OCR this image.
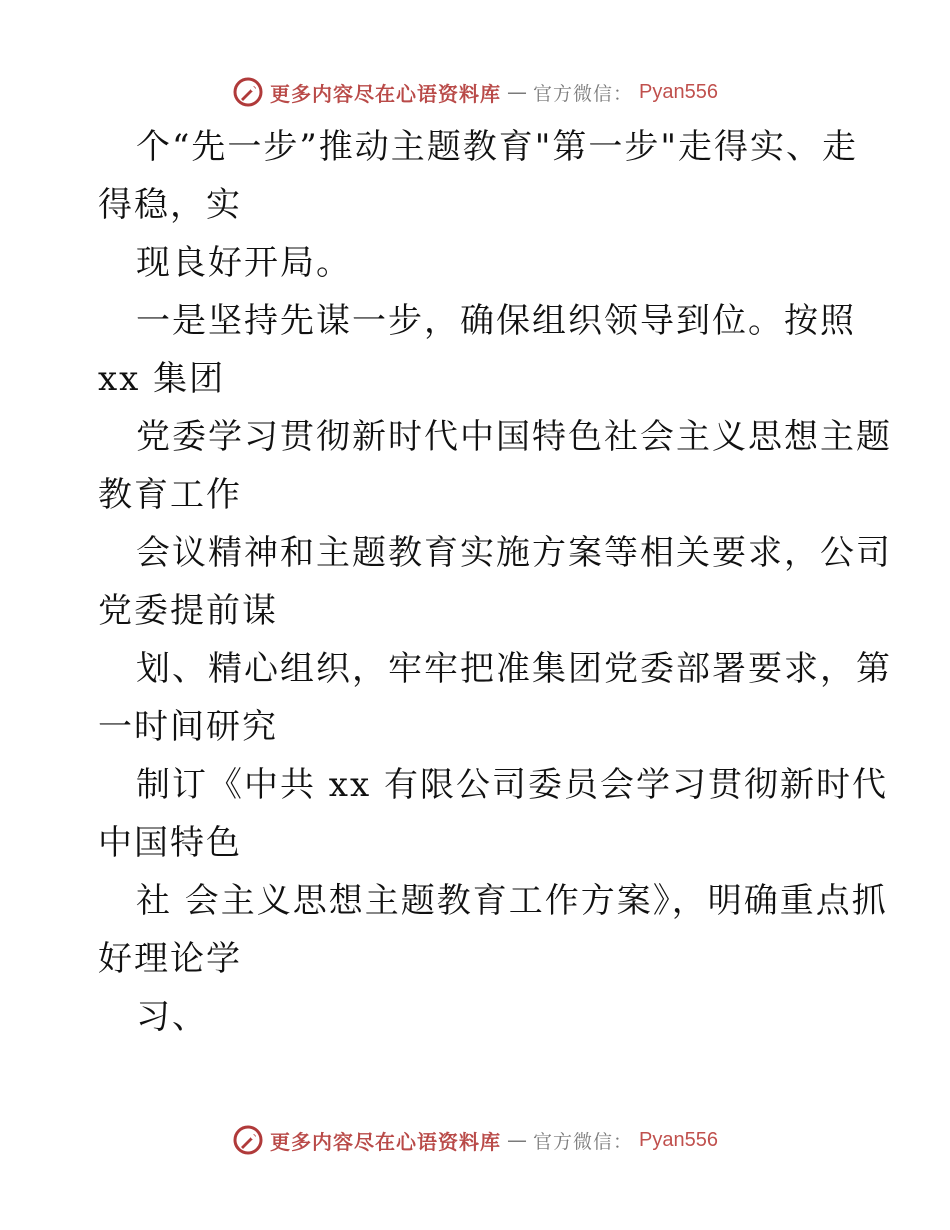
更多内容尽在心语资料库 — 官方微信： Pyan556
个“先一步”推动主题教育"第一步"走得实、走
得稳，实
现良好开局。
一是坚持先谋一步，确保组织领导到位。按照
xx 集团
党委学习贯彻新时代中国特色社会主义思想主题
教育工作
会议精神和主题教育实施方案等相关要求，公司
党委提前谋
划、精心组织，牢牢把准集团党委部署要求，第
一时间研究
制订《中共 xx 有限公司委员会学习贯彻新时代
中国特色
社 会主义思想主题教育工作方案》，明确重点抓
好理论学
习、
更多内容尽在心语资料库 — 官方微信： Pyan556
